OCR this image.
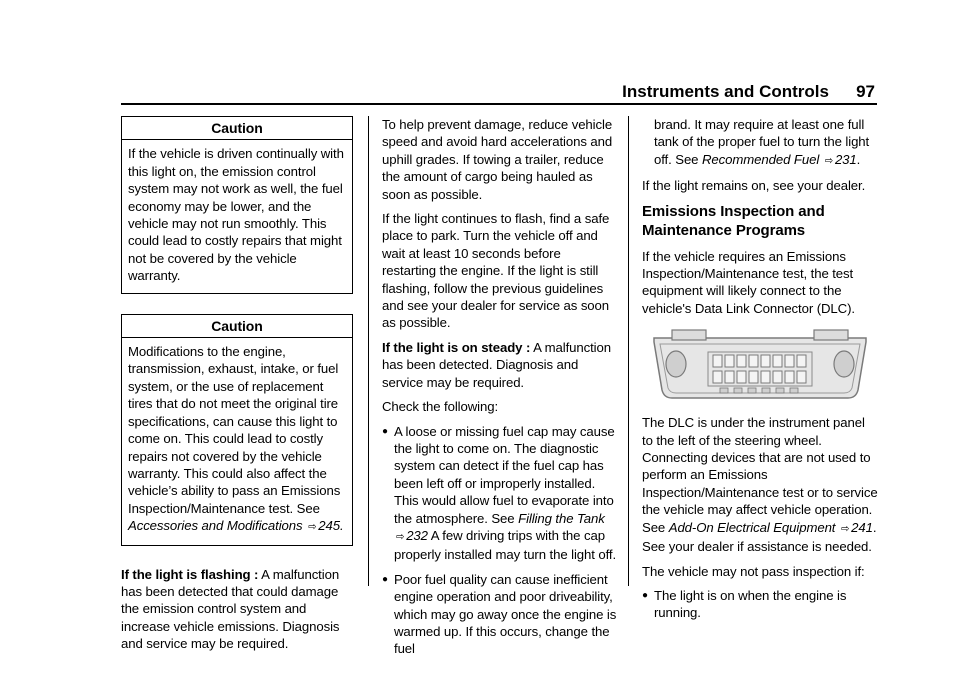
Instruments and Controls 97
Caution
If the vehicle is driven continually with this light on, the emission control system may not work as well, the fuel economy may be lower, and the vehicle may not run smoothly. This could lead to costly repairs that might not be covered by the vehicle warranty.
Caution
Modifications to the engine, transmission, exhaust, intake, or fuel system, or the use of replacement tires that do not meet the original tire specifications, can cause this light to come on. This could lead to costly repairs not covered by the vehicle warranty. This could also affect the vehicle’s ability to pass an Emissions Inspection/Maintenance test. See Accessories and Modifications ⇨ 245.

If the light is flashing : A malfunction has been detected that could damage the emission control system and increase vehicle emissions. Diagnosis and service may be required.

To help prevent damage, reduce vehicle speed and avoid hard accelerations and uphill grades. If towing a trailer, reduce the amount of cargo being hauled as soon as possible.

If the light continues to flash, find a safe place to park. Turn the vehicle off and wait at least 10 seconds before restarting the engine. If the light is still flashing, follow the previous guidelines and see your dealer for service as soon as possible.

If the light is on steady : A malfunction has been detected. Diagnosis and service may be required.

Check the following:

● A loose or missing fuel cap may cause the light to come on. The diagnostic system can detect if the fuel cap has been left off or improperly installed. This would allow fuel to evaporate into the atmosphere. See Filling the Tank ⇨ 232 A few driving trips with the cap properly installed may turn the light off.
● Poor fuel quality can cause inefficient engine operation and poor driveability, which may go away once the engine is warmed up. If this occurs, change the fuel
brand. It may require at least one full tank of the proper fuel to turn the light off. See Recommended Fuel ⇨ 231.

If the light remains on, see your dealer.

Emissions Inspection and Maintenance Programs

If the vehicle requires an Emissions Inspection/Maintenance test, the test equipment will likely connect to the vehicle's Data Link Connector (DLC).

The DLC is under the instrument panel to the left of the steering wheel. Connecting devices that are not used to perform an Emissions Inspection/Maintenance test or to service the vehicle may affect vehicle operation. See Add-On Electrical Equipment ⇨ 241. See your dealer if assistance is needed.

The vehicle may not pass inspection if:

● The light is on when the engine is running.
